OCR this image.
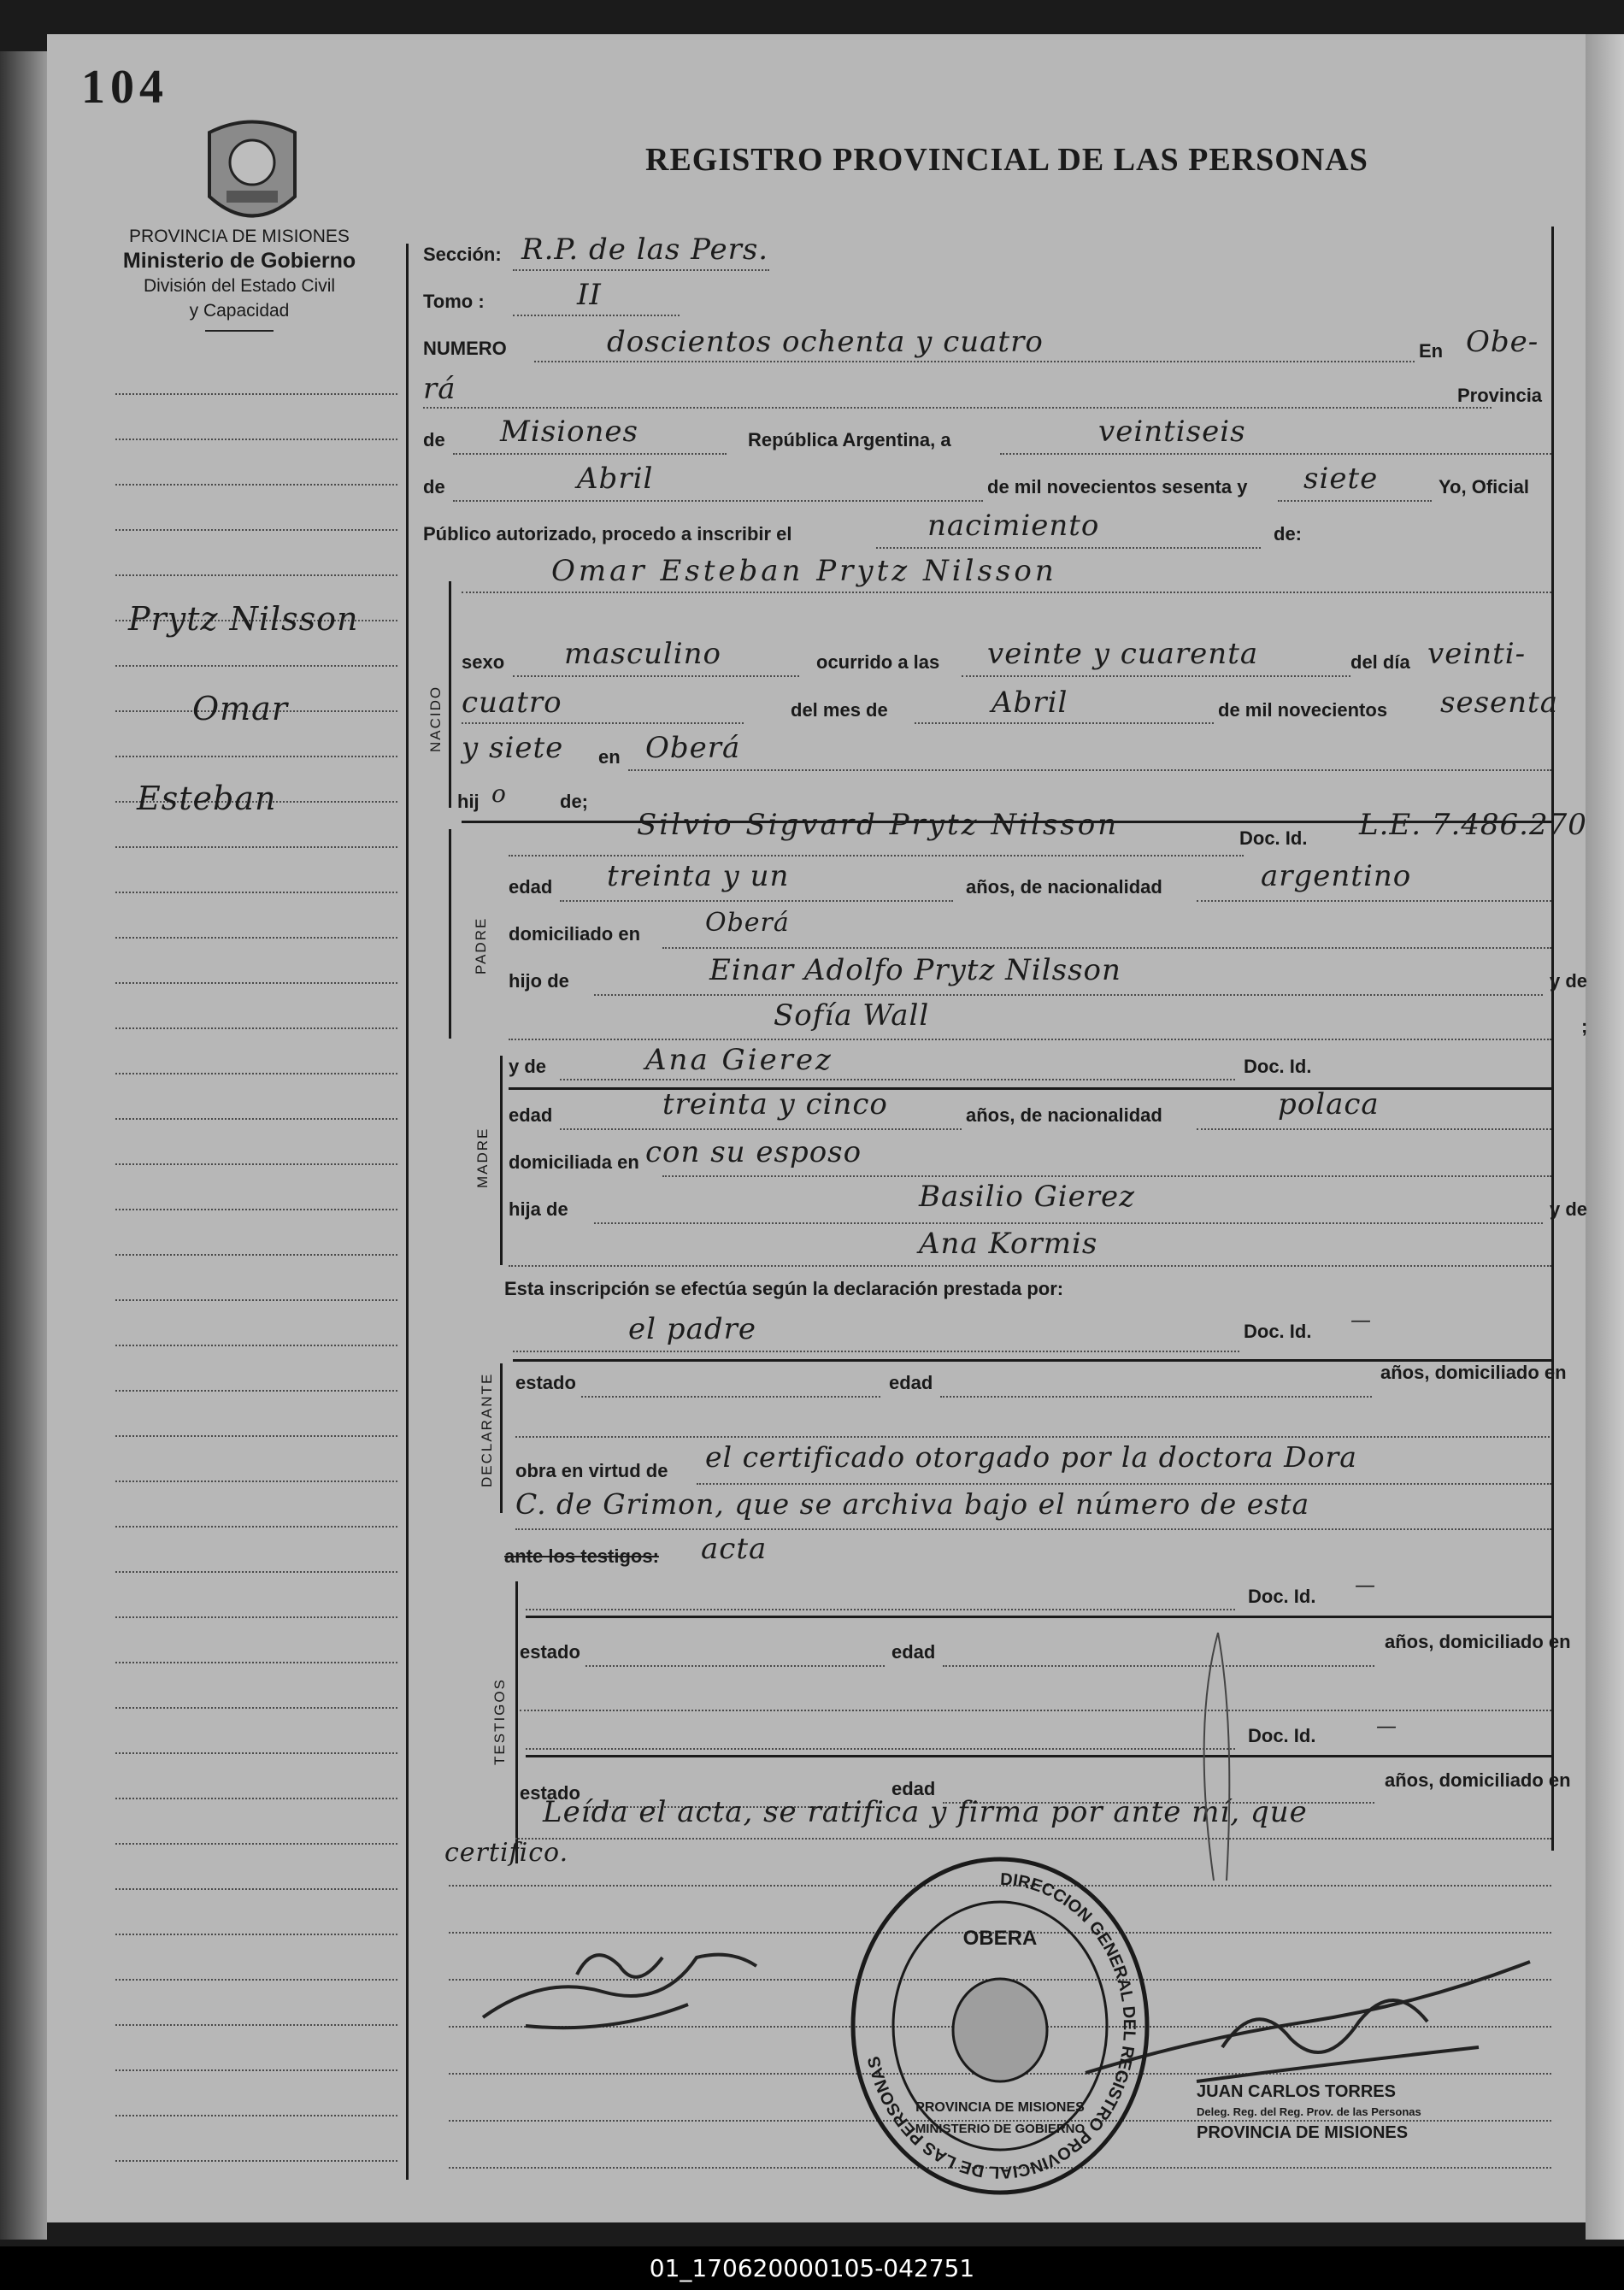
104
REGISTRO PROVINCIAL DE LAS PERSONAS
PROVINCIA DE MISIONES
Ministerio de Gobierno
División del Estado Civil
y Capacidad
Prytz Nilsson
Omar
Esteban
Sección: R.P. de las Pers.
Tomo :	II
NUMERO	doscientos ochenta y cuatro	En Obe-
rá	Provincia
de Misiones	República Argentina, a	veintiseis
de	Abril	de mil novecientos sesenta y siete	Yo, Oficial
Público autorizado, procedo a inscribir el	nacimiento	de:
NACIDO
Omar Esteban Prytz Nilsson
sexo masculino	ocurrido a las veinte y cuarenta	del día veinti-
cuatro	del mes de	Abril	de mil novecientos sesenta
y siete en Oberá
hij o	de;
PADRE
Silvio Sigvard Prytz Nilsson	Doc. Id. L.E. 7.486.270
edad treinta y un	años, de nacionalidad	argentino
domiciliado en	Oberá
hijo de	Einar Adolfo Prytz Nilsson	y de
Sofía Wall	;
MADRE
y de	Ana Gierez	Doc. Id.
edad	treinta y cinco	años, de nacionalidad	polaca
domiciliada en con su esposo
hija de	Basilio Gierez	y de
Ana Kormis
Esta inscripción se efectúa según la declaración prestada por:
el padre	Doc. Id. —
DECLARANTE estado	edad	años, domiciliado en
obra en virtud de el certificado otorgado por la doctora Dora
C. de Grimon, que se archiva bajo el número de esta
ante los testigos: acta
TESTIGOS
Doc. Id. —
estado	edad	años, domiciliado en
Doc. Id.	—
estado	edad	años, domiciliado en
Leída el acta, se ratifica y firma por ante mí, que
certifico.
DIRECCION GENERAL DEL REGISTRO PROVINCIAL DE LAS PERSONAS
OBERA
PROVINCIA DE MISIONES
MINISTERIO DE GOBIERNO
JUAN CARLOS TORRES
Deleg. Reg. del Reg. Prov. de las Personas
PROVINCIA DE MISIONES
01_170620000105-042751
